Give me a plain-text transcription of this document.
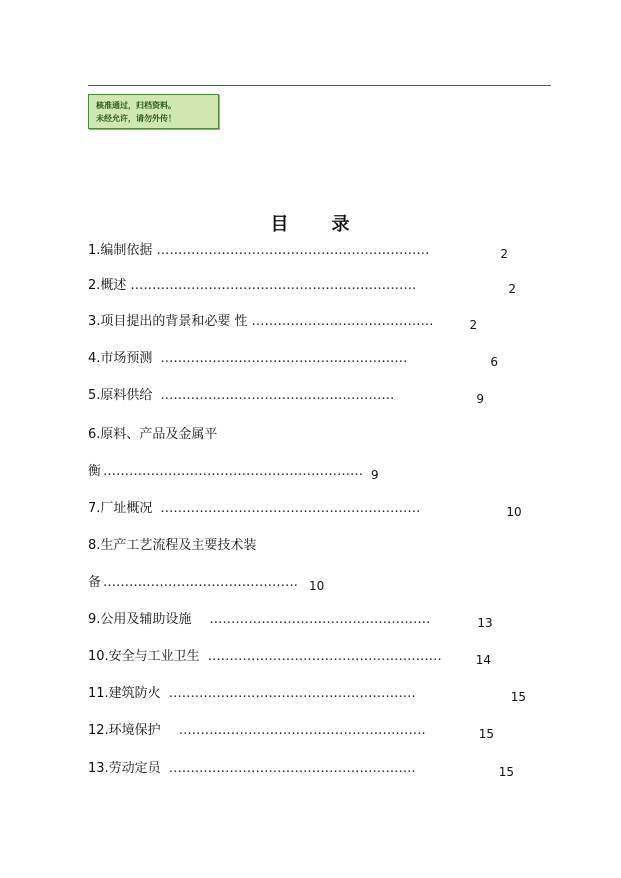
核准通过，归档资料。
未经允许，请勿外传！
目 录
1.编制依据 ………………………………………………………	2
2.概述 …………………………………………………………	2
3.项目提出的背景和必要 性 ……………………………………	2
4.市场预测 …………………………………………………	6
5.原料供给 ………………………………………………	9
6.原料、产品及金属平
衡 …………………………………………………… 9
7.厂址概况 ……………………………………………………	10
8.生产工艺流程及主要技术装
备 ……………………………………… 10
9.公用及辅助设施 ……………………………………………	13
10.安全与工业卫生 ………………………………………………	14
11.建筑防火 …………………………………………………	15
12.环境保护 …………………………………………………	15
13.劳动定员 …………………………………………………	15
